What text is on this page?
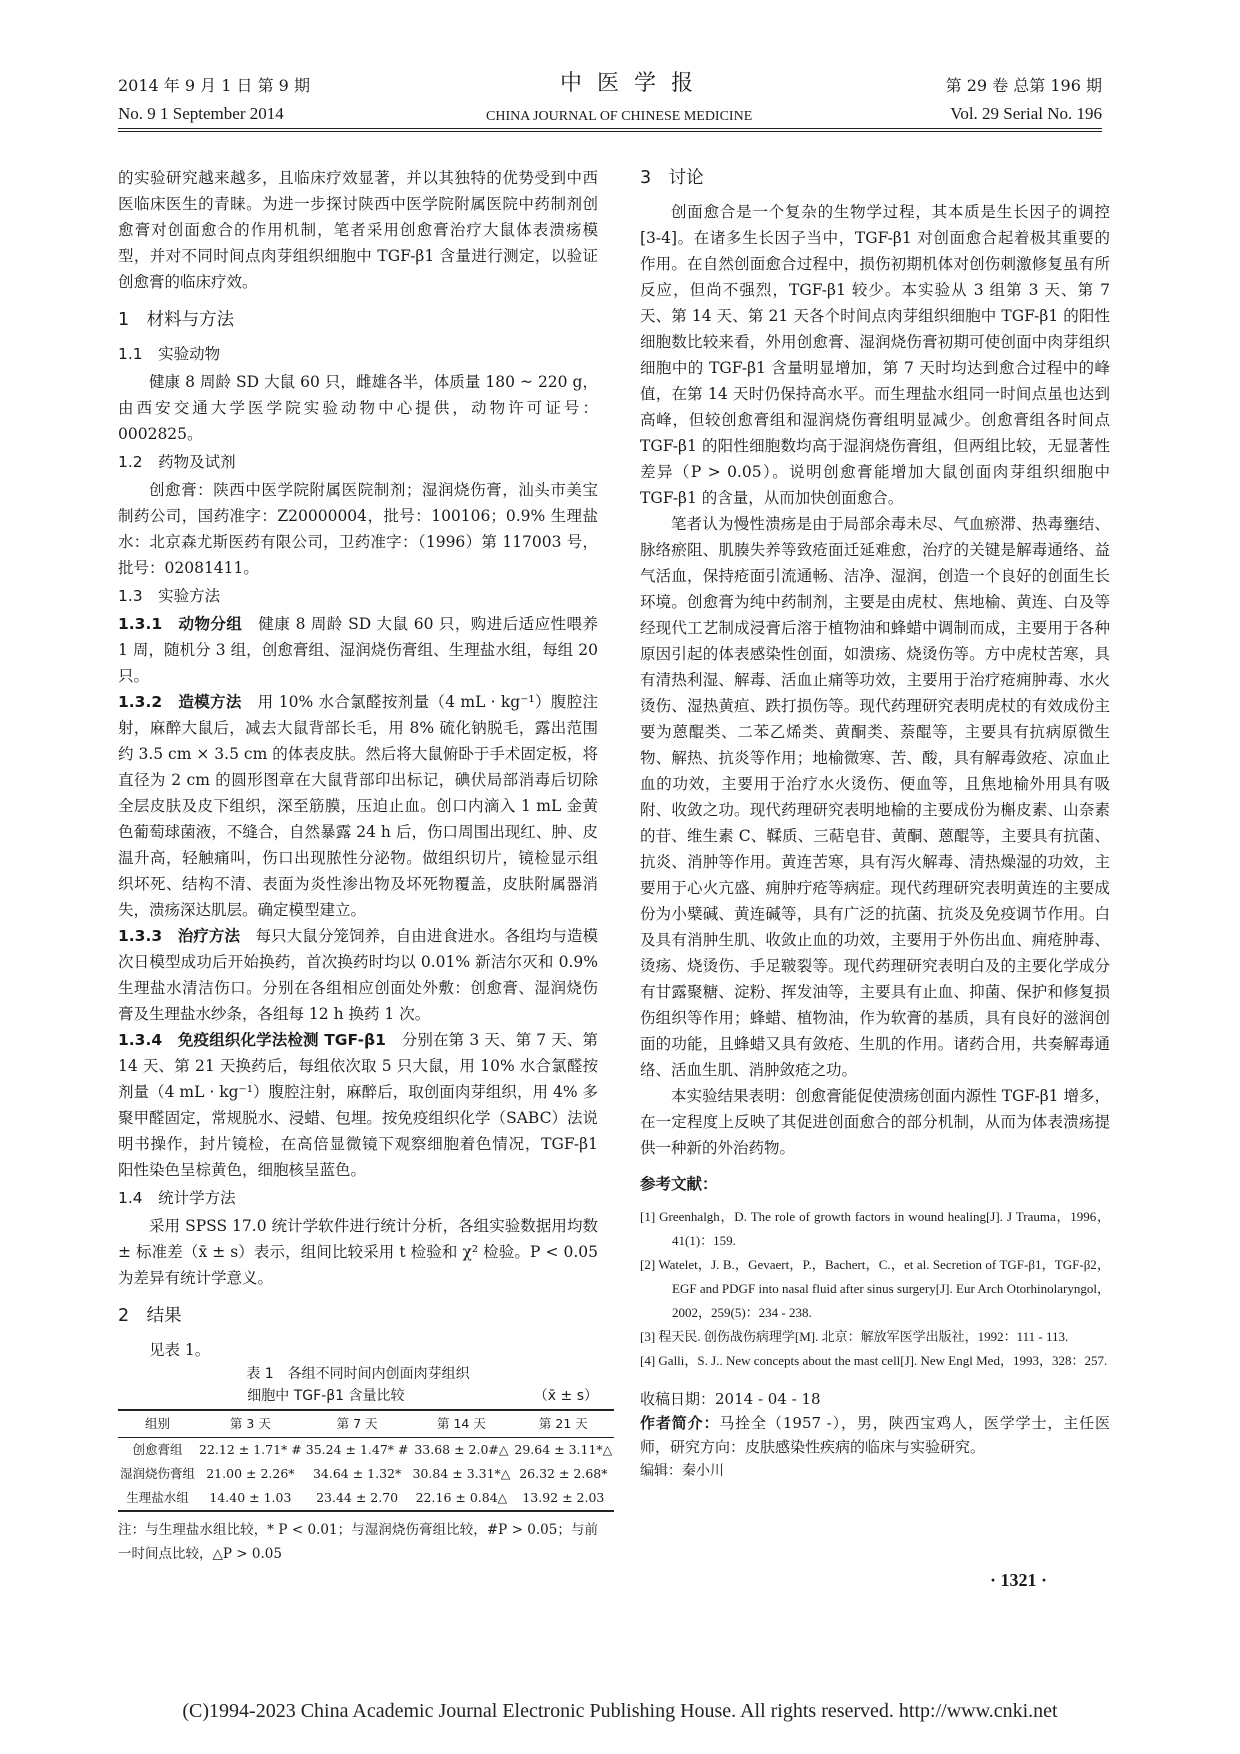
2014 年 9 月 1 日 第 9 期	中 医 学 报	第 29 卷 总第 196 期
No. 9 1 September 2014	CHINA JOURNAL OF CHINESE MEDICINE	Vol. 29 Serial No. 196

的实验研究越来越多，且临床疗效显著，并以其独特的优势受到中西医临床医生的青睐。为进一步探讨陕西中医学院附属医院中药制剂创愈膏对创面愈合的作用机制，笔者采用创愈膏治疗大鼠体表溃疡模型，并对不同时间点肉芽组织细胞中 TGF-β1 含量进行测定，以验证创愈膏的临床疗效。

1　材料与方法

1.1　实验动物

健康 8 周龄 SD 大鼠 60 只，雌雄各半，体质量 180 ~ 220 g，由西安交通大学医学院实验动物中心提供，动物许可证号：0002825。

1.2　药物及试剂

创愈膏：陕西中医学院附属医院制剂；湿润烧伤膏，汕头市美宝制药公司，国药准字：Z20000004，批号：100106；0.9% 生理盐水：北京森尤斯医药有限公司，卫药准字：（1996）第 117003 号，批号：02081411。

1.3　实验方法

1.3.1　动物分组　 健康 8 周龄 SD 大鼠 60 只，购进后适应性喂养 1 周，随机分 3 组，创愈膏组、湿润烧伤膏组、生理盐水组，每组 20 只。

1.3.2　造模方法　 用 10% 水合氯醛按剂量（4 mL · kg⁻¹）腹腔注射，麻醉大鼠后，减去大鼠背部长毛，用 8% 硫化钠脱毛，露出范围约 3.5 cm × 3.5 cm 的体表皮肤。然后将大鼠俯卧于手术固定板，将直径为 2 cm 的圆形图章在大鼠背部印出标记，碘伏局部消毒后切除全层皮肤及皮下组织，深至筋膜，压迫止血。创口内滴入 1 mL 金黄色葡萄球菌液，不缝合，自然暴露 24 h 后，伤口周围出现红、肿、皮温升高，轻触痛叫，伤口出现脓性分泌物。做组织切片，镜检显示组织坏死、结构不清、表面为炎性渗出物及坏死物覆盖，皮肤附属器消失，溃疡深达肌层。确定模型建立。

1.3.3　治疗方法　 每只大鼠分笼饲养，自由进食进水。各组均与造模次日模型成功后开始换药，首次换药时均以 0.01% 新洁尔灭和 0.9% 生理盐水清洁伤口。分别在各组相应创面处外敷：创愈膏、湿润烧伤膏及生理盐水纱条，各组每 12 h 换药 1 次。

1.3.4　免疫组织化学法检测 TGF-β1　 分别在第 3 天、第 7 天、第 14 天、第 21 天换药后，每组依次取 5 只大鼠，用 10% 水合氯醛按剂量（4 mL · kg⁻¹）腹腔注射，麻醉后，取创面肉芽组织，用 4% 多聚甲醛固定，常规脱水、浸蜡、包埋。按免疫组织化学（SABC）法说明书操作，封片镜检，在高倍显微镜下观察细胞着色情况，TGF-β1 阳性染色呈棕黄色，细胞核呈蓝色。

1.4　统计学方法

采用 SPSS 17.0 统计学软件进行统计分析，各组实验数据用均数 ± 标准差（x̄ ± s）表示，组间比较采用 t 检验和 χ² 检验。P < 0.05 为差异有统计学意义。

2　结果

见表 1。

表 1　各组不同时间内创面肉芽组织
细胞中 TGF-β1 含量比较	（x̄ ± s）
组别	第 3 天	第 7 天	第 14 天	第 21 天
创愈膏组	22.12 ± 1.71* #	35.24 ± 1.47* #	33.68 ± 2.0#△	29.64 ± 3.11*△
湿润烧伤膏组	21.00 ± 2.26*	34.64 ± 1.32*	30.84 ± 3.31*△	26.32 ± 2.68*
生理盐水组	14.40 ± 1.03	23.44 ± 2.70	22.16 ± 0.84△	13.92 ± 2.03

注：与生理盐水组比较，* P < 0.01；与湿润烧伤膏组比较，#P > 0.05；与前一时间点比较，△P > 0.05

3　讨论

创面愈合是一个复杂的生物学过程，其本质是生长因子的调控[3-4]。在诸多生长因子当中，TGF-β1 对创面愈合起着极其重要的作用。在自然创面愈合过程中，损伤初期机体对创伤刺激修复虽有所反应，但尚不强烈，TGF-β1 较少。本实验从 3 组第 3 天、第 7 天、第 14 天、第 21 天各个时间点肉芽组织细胞中 TGF-β1 的阳性细胞数比较来看，外用创愈膏、湿润烧伤膏初期可使创面中肉芽组织细胞中的 TGF-β1 含量明显增加，第 7 天时均达到愈合过程中的峰值，在第 14 天时仍保持高水平。而生理盐水组同一时间点虽也达到高峰，但较创愈膏组和湿润烧伤膏组明显减少。创愈膏组各时间点 TGF-β1 的阳性细胞数均高于湿润烧伤膏组，但两组比较，无显著性差异（P > 0.05）。说明创愈膏能增加大鼠创面肉芽组织细胞中 TGF-β1 的含量，从而加快创面愈合。

笔者认为慢性溃疡是由于局部余毒未尽、气血瘀滞、热毒壅结、脉络瘀阻、肌腠失养等致疮面迁延难愈，治疗的关键是解毒通络、益气活血，保持疮面引流通畅、洁净、湿润，创造一个良好的创面生长环境。创愈膏为纯中药制剂，主要是由虎杖、焦地榆、黄连、白及等经现代工艺制成浸膏后溶于植物油和蜂蜡中调制而成，主要用于各种原因引起的体表感染性创面，如溃疡、烧烫伤等。方中虎杖苦寒，具有清热利湿、解毒、活血止痛等功效，主要用于治疗疮痈肿毒、水火烫伤、湿热黄疸、跌打损伤等。现代药理研究表明虎杖的有效成份主要为蒽醌类、二苯乙烯类、黄酮类、萘醌等，主要具有抗病原微生物、解热、抗炎等作用；地榆微寒、苦、酸，具有解毒敛疮、凉血止血的功效，主要用于治疗水火烫伤、便血等，且焦地榆外用具有吸附、收敛之功。现代药理研究表明地榆的主要成份为槲皮素、山奈素的苷、维生素 C、鞣质、三萜皂苷、黄酮、蒽醌等，主要具有抗菌、抗炎、消肿等作用。黄连苦寒，具有泻火解毒、清热燥湿的功效，主要用于心火亢盛、痈肿疔疮等病症。现代药理研究表明黄连的主要成份为小檗碱、黄连碱等，具有广泛的抗菌、抗炎及免疫调节作用。白及具有消肿生肌、收敛止血的功效，主要用于外伤出血、痈疮肿毒、烫疡、烧烫伤、手足皲裂等。现代药理研究表明白及的主要化学成分有甘露聚糖、淀粉、挥发油等，主要具有止血、抑菌、保护和修复损伤组织等作用；蜂蜡、植物油，作为软膏的基质，具有良好的滋润创面的功能，且蜂蜡又具有敛疮、生肌的作用。诸药合用，共奏解毒通络、活血生肌、消肿敛疮之功。

本实验结果表明：创愈膏能促使溃疡创面内源性 TGF-β1 增多，在一定程度上反映了其促进创面愈合的部分机制，从而为体表溃疡提供一种新的外治药物。

参考文献：

[1] Greenhalgh，D. The role of growth factors in wound healing[J]. J Trauma，1996，41(1)：159.

[2] Watelet，J. B.，Gevaert，P.，Bachert，C.，et al. Secretion of TGF-β1，TGF-β2，EGF and PDGF into nasal fluid after sinus surgery[J]. Eur Arch Otorhinolaryngol，2002，259(5)：234 - 238.

[3] 程天民. 创伤战伤病理学[M]. 北京：解放军医学出版社，1992：111 - 113.

[4] Galli，S. J.. New concepts about the mast cell[J]. New Engl Med，1993，328：257.

收稿日期：2014 - 04 - 18

作者简介：马拴全（1957 -），男，陕西宝鸡人，医学学士，主任医师，研究方向：皮肤感染性疾病的临床与实验研究。

编辑：秦小川

· 1321 ·
(C)1994-2023 China Academic Journal Electronic Publishing House. All rights reserved. http://www.cnki.net
